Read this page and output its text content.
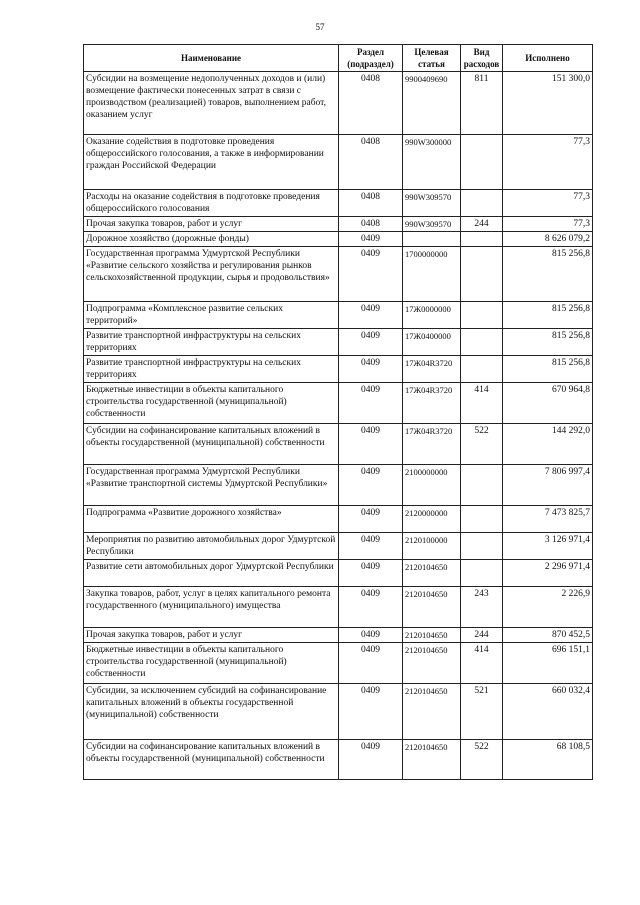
57
Наименование	Раздел (подраздел)	Целевая статья	Вид расходов	Исполнено
Субсидии на возмещение недополученных доходов и (или) возмещение фактически понесенных затрат в связи с производством (реализацией) товаров, выполнением работ, оказанием услуг	0408	9900409690	811	151 300,0
Оказание содействия в подготовке проведения общероссийского голосования, а также в информировании граждан Российской Федерации	0408	990W300000		77,3
Расходы на оказание содействия в подготовке проведения общероссийского голосования	0408	990W309570		77,3
Прочая закупка товаров, работ и услуг	0408	990W309570	244	77,3
Дорожное хозяйство (дорожные фонды)	0409			8 626 079,2
Государственная программа Удмуртской Республики «Развитие сельского хозяйства и регулирования рынков сельскохозяйственной продукции, сырья и продовольствия»	0409	1700000000		815 256,8
Подпрограмма «Комплексное развитие сельских территорий»	0409	17Ж0000000		815 256,8
Развитие транспортной инфраструктуры на сельских территориях	0409	17Ж0400000		815 256,8
Развитие транспортной инфраструктуры на сельских территориях	0409	17Ж04R3720		815 256,8
Бюджетные инвестиции в объекты капитального строительства государственной (муниципальной) собственности	0409	17Ж04R3720	414	670 964,8
Субсидии на софинансирование капитальных вложений в объекты государственной (муниципальной) собственности	0409	17Ж04R3720	522	144 292,0
Государственная программа Удмуртской Республики «Развитие транспортной системы Удмуртской Республики»	0409	2100000000		7 806 997,4
Подпрограмма «Развитие дорожного хозяйства»	0409	2120000000		7 473 825,7
Мероприятия по развитию автомобильных дорог Удмуртской Республики	0409	2120100000		3 126 971,4
Развитие сети автомобильных дорог Удмуртской Республики	0409	2120104650		2 296 971,4
Закупка товаров, работ, услуг в целях капитального ремонта государственного (муниципального) имущества	0409	2120104650	243	2 226,9
Прочая закупка товаров, работ и услуг	0409	2120104650	244	870 452,5
Бюджетные инвестиции в объекты капитального строительства государственной (муниципальной) собственности	0409	2120104650	414	696 151,1
Субсидии, за исключением субсидий на софинансирование капитальных вложений в объекты государственной (муниципальной) собственности	0409	2120104650	521	660 032,4
Субсидии на софинансирование капитальных вложений в объекты государственной (муниципальной) собственности	0409	2120104650	522	68 108,5
